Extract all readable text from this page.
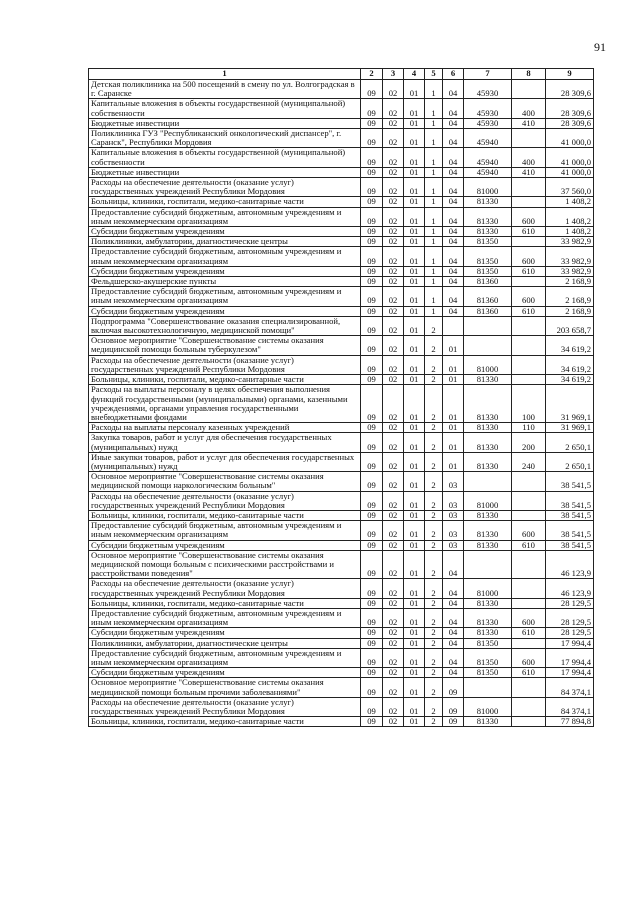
91
1	2	3	4	5	6	7	8	9
Детская поликлиника на 500 посещений в смену по ул. Волгоградская в г. Саранске	09	02	01	1	04	45930		28 309,6
Капитальные вложения в объекты государственной (муниципальной) собственности	09	02	01	1	04	45930	400	28 309,6
Бюджетные инвестиции	09	02	01	1	04	45930	410	28 309,6
Поликлиника ГУЗ "Республиканский онкологический диспансер", г. Саранск", Республики Мордовия	09	02	01	1	04	45940		41 000,0
Капитальные вложения в объекты государственной (муниципальной) собственности	09	02	01	1	04	45940	400	41 000,0
Бюджетные инвестиции	09	02	01	1	04	45940	410	41 000,0
Расходы на обеспечение деятельности (оказание услуг) государственных учреждений Республики Мордовия	09	02	01	1	04	81000		37 560,0
Больницы, клиники, госпитали, медико-санитарные части	09	02	01	1	04	81330		1 408,2
Предоставление субсидий бюджетным, автономным учреждениям и иным некоммерческим организациям	09	02	01	1	04	81330	600	1 408,2
Субсидии бюджетным учреждениям	09	02	01	1	04	81330	610	1 408,2
Поликлиники, амбулатории, диагностические центры	09	02	01	1	04	81350		33 982,9
Предоставление субсидий бюджетным, автономным учреждениям и иным некоммерческим организациям	09	02	01	1	04	81350	600	33 982,9
Субсидии бюджетным учреждениям	09	02	01	1	04	81350	610	33 982,9
Фельдшерско-акушерские пункты	09	02	01	1	04	81360		2 168,9
Предоставление субсидий бюджетным, автономным учреждениям и иным некоммерческим организациям	09	02	01	1	04	81360	600	2 168,9
Субсидии бюджетным учреждениям	09	02	01	1	04	81360	610	2 168,9
Подпрограмма "Совершенствование оказания специализированной, включая высокотехнологичную, медицинской помощи"	09	02	01	2				203 658,7
Основное мероприятие "Совершенствование системы оказания медицинской помощи больным туберкулезом"	09	02	01	2	01			34 619,2
Расходы на обеспечение деятельности (оказание услуг) государственных учреждений Республики Мордовия	09	02	01	2	01	81000		34 619,2
Больницы, клиники, госпитали, медико-санитарные части	09	02	01	2	01	81330		34 619,2
Расходы на выплаты персоналу в целях обеспечения выполнения функций государственными (муниципальными) органами, казенными учреждениями, органами управления государственными внебюджетными фондами	09	02	01	2	01	81330	100	31 969,1
Расходы на выплаты персоналу казенных учреждений	09	02	01	2	01	81330	110	31 969,1
Закупка товаров, работ и услуг для обеспечения государственных (муниципальных) нужд	09	02	01	2	01	81330	200	2 650,1
Иные закупки товаров, работ и услуг для обеспечения государственных (муниципальных) нужд	09	02	01	2	01	81330	240	2 650,1
Основное мероприятие "Совершенствование системы оказания медицинской помощи наркологическим больным"	09	02	01	2	03			38 541,5
Расходы на обеспечение деятельности (оказание услуг) государственных учреждений Республики Мордовия	09	02	01	2	03	81000		38 541,5
Больницы, клиники, госпитали, медико-санитарные части	09	02	01	2	03	81330		38 541,5
Предоставление субсидий бюджетным, автономным учреждениям и иным некоммерческим организациям	09	02	01	2	03	81330	600	38 541,5
Субсидии бюджетным учреждениям	09	02	01	2	03	81330	610	38 541,5
Основное мероприятие "Совершенствование системы оказания медицинской помощи больным с психическими расстройствами и расстройствами поведения"	09	02	01	2	04			46 123,9
Расходы на обеспечение деятельности (оказание услуг) государственных учреждений Республики Мордовия	09	02	01	2	04	81000		46 123,9
Больницы, клиники, госпитали, медико-санитарные части	09	02	01	2	04	81330		28 129,5
Предоставление субсидий бюджетным, автономным учреждениям и иным некоммерческим организациям	09	02	01	2	04	81330	600	28 129,5
Субсидии бюджетным учреждениям	09	02	01	2	04	81330	610	28 129,5
Поликлиники, амбулатории, диагностические центры	09	02	01	2	04	81350		17 994,4
Предоставление субсидий бюджетным, автономным учреждениям и иным некоммерческим организациям	09	02	01	2	04	81350	600	17 994,4
Субсидии бюджетным учреждениям	09	02	01	2	04	81350	610	17 994,4
Основное мероприятие "Совершенствование системы оказания медицинской помощи больным прочими заболеваниями"	09	02	01	2	09			84 374,1
Расходы на обеспечение деятельности (оказание услуг) государственных учреждений Республики Мордовия	09	02	01	2	09	81000		84 374,1
Больницы, клиники, госпитали, медико-санитарные части	09	02	01	2	09	81330		77 894,8
